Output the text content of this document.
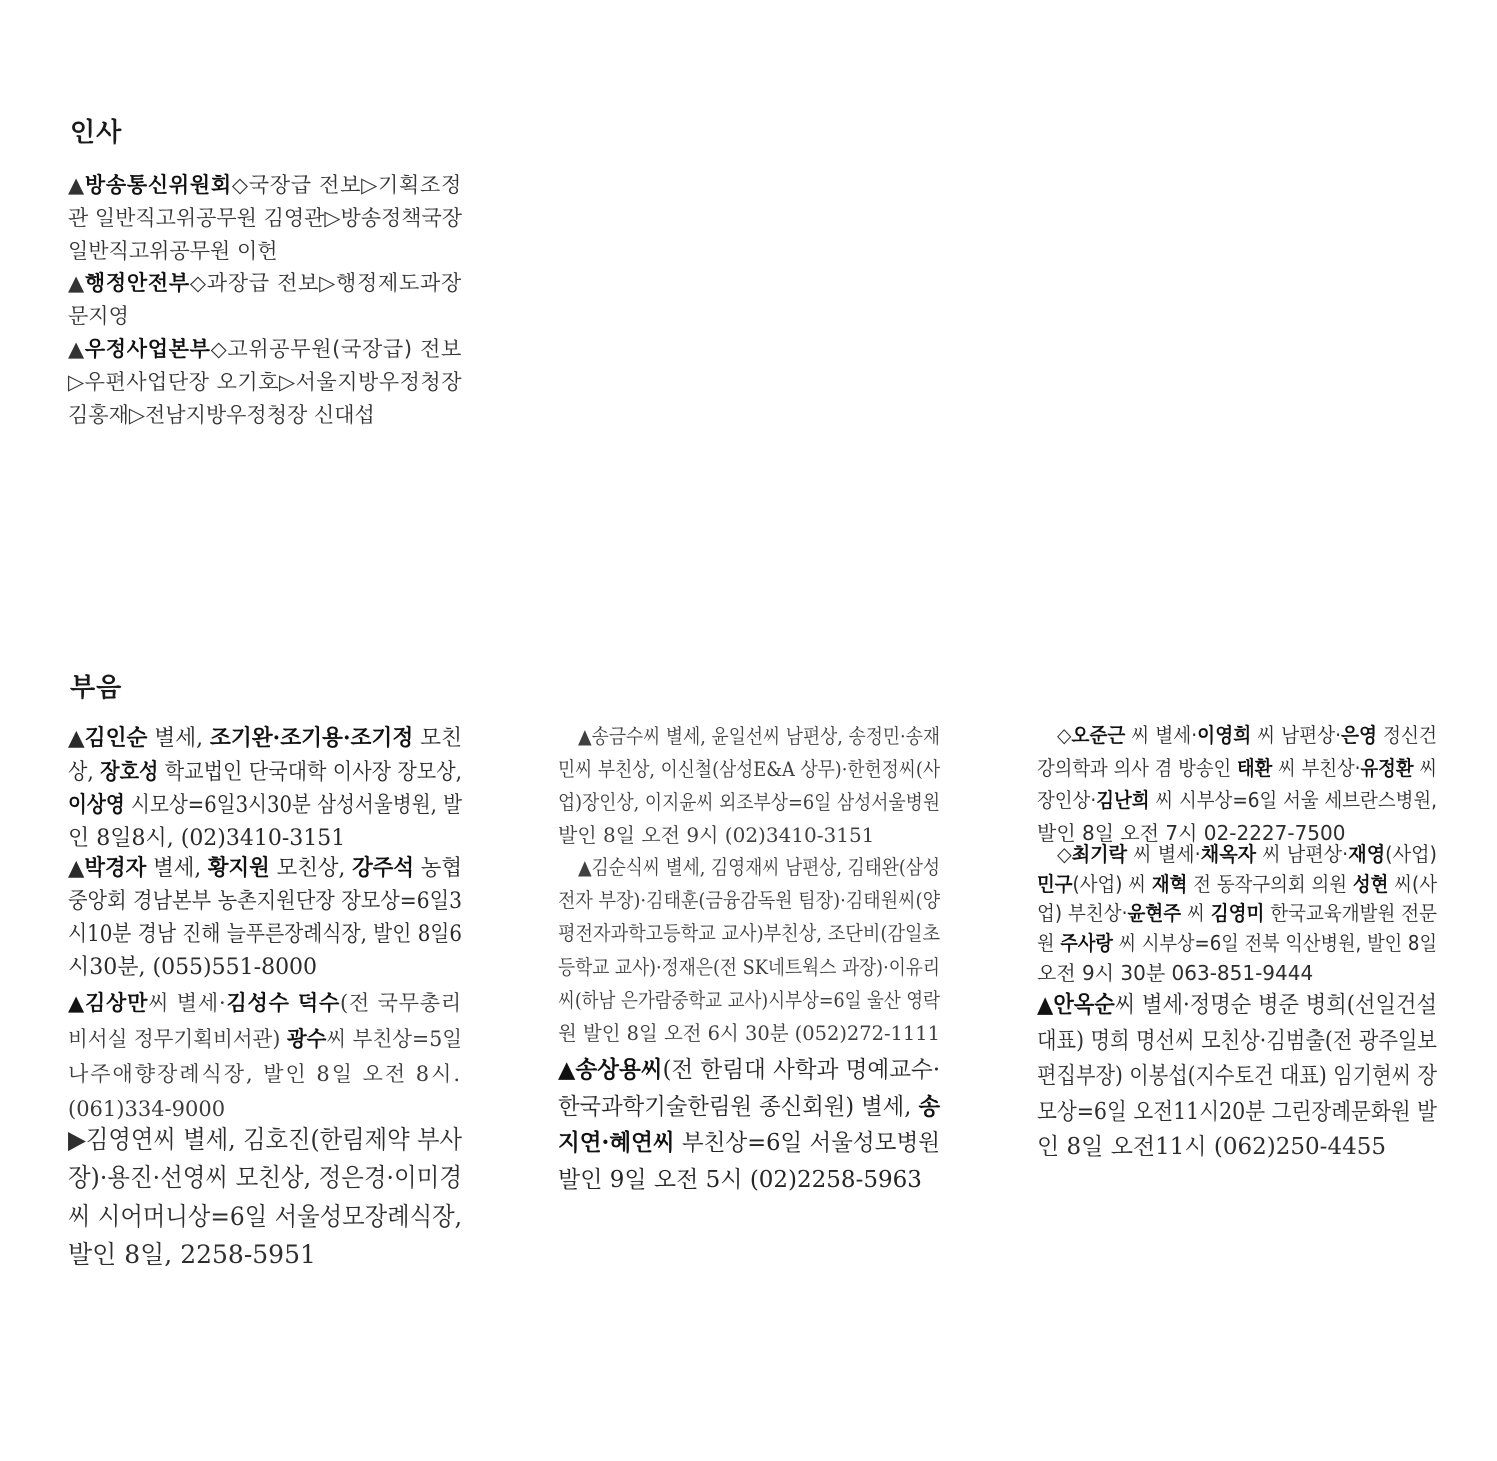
인사
▲방송통신위원회◇국장급 전보▷기획조정
관 일반직고위공무원 김영관▷방송정책국장
일반직고위공무원 이헌
▲행정안전부◇과장급 전보▷행정제도과장
문지영
▲우정사업본부◇고위공무원(국장급) 전보
▷우편사업단장 오기호▷서울지방우정청장
김홍재▷전남지방우정청장 신대섭
부음
▲김인순 별세, 조기완·조기용·조기정 모친
상, 장호성 학교법인 단국대학 이사장 장모상,
이상영 시모상=6일3시30분 삼성서울병원, 발
인 8일8시, (02)3410-3151
▲박경자 별세, 황지원 모친상, 강주석 농협
중앙회 경남본부 농촌지원단장 장모상=6일3
시10분 경남 진해 늘푸른장례식장, 발인 8일6
시30분, (055)551-8000
▲김상만씨 별세·김성수 덕수(전 국무총리
비서실 정무기획비서관) 광수씨 부친상=5일
나주애향장례식장, 발인 8일 오전 8시.
(061)334-9000
▶김영연씨 별세, 김호진(한림제약 부사
장)·용진·선영씨 모친상, 정은경·이미경
씨 시어머니상=6일 서울성모장례식장,
발인 8일, 2258-5951
▲송금수씨 별세, 윤일선씨 남편상, 송정민·송재
민씨 부친상, 이신철(삼성E&A 상무)·한헌정씨(사
업)장인상, 이지윤씨 외조부상=6일 삼성서울병원
발인 8일 오전 9시 (02)3410-3151
▲김순식씨 별세, 김영재씨 남편상, 김태완(삼성
전자 부장)·김태훈(금융감독원 팀장)·김태원씨(양
평전자과학고등학교 교사)부친상, 조단비(감일초
등학교 교사)·정재은(전 SK네트웍스 과장)·이유리
씨(하남 은가람중학교 교사)시부상=6일 울산 영락
원 발인 8일 오전 6시 30분 (052)272-1111
▲송상용씨(전 한림대 사학과 명예교수·
한국과학기술한림원 종신회원) 별세, 송
지연·혜연씨 부친상=6일 서울성모병원
발인 9일 오전 5시 (02)2258-5963
◇오준근 씨 별세·이영희 씨 남편상·은영 정신건
강의학과 의사 겸 방송인 태환 씨 부친상·유정환 씨
장인상·김난희 씨 시부상=6일 서울 세브란스병원,
발인 8일 오전 7시 02-2227-7500
◇최기락 씨 별세·채옥자 씨 남편상·재영(사업)
민구(사업) 씨 재혁 전 동작구의회 의원 성현 씨(사
업) 부친상·윤현주 씨 김영미 한국교육개발원 전문
원 주사랑 씨 시부상=6일 전북 익산병원, 발인 8일
오전 9시 30분 063-851-9444
▲안옥순씨 별세·정명순 병준 병희(선일건설
대표) 명희 명선씨 모친상·김범출(전 광주일보
편집부장) 이봉섭(지수토건 대표) 임기현씨 장
모상=6일 오전11시20분 그린장례문화원 발
인 8일 오전11시 (062)250-4455
